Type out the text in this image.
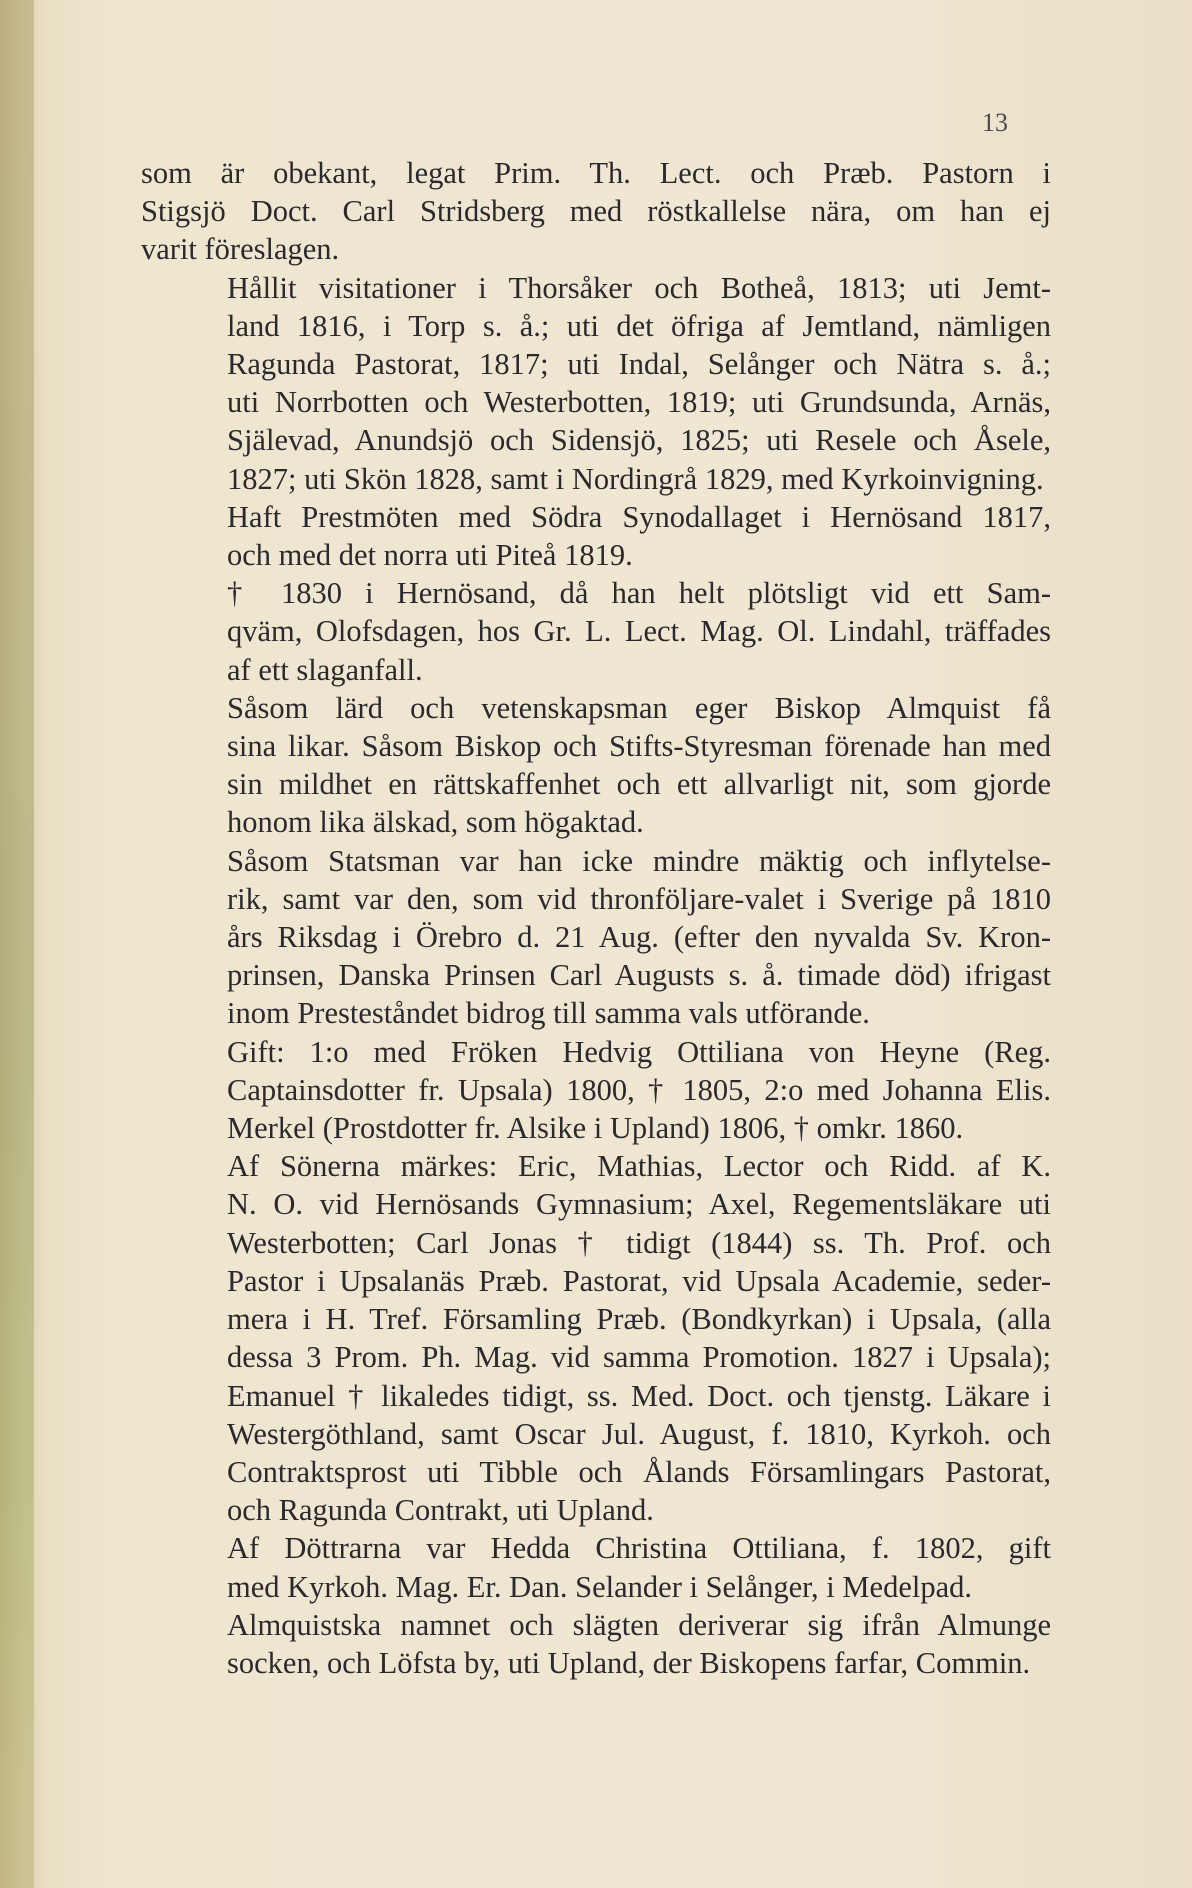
13

som är obekant, legat Prim. Th. Lect. och Præb. Pastorn i
Stigsjö Doct. Carl Stridsberg med röstkallelse nära, om han ej
varit föreslagen.

Hållit visitationer i Thorsåker och Botheå, 1813; uti Jemt-
land 1816, i Torp s. å.; uti det öfriga af Jemtland, nämligen
Ragunda Pastorat, 1817; uti Indal, Selånger och Nätra s. å.;
uti Norrbotten och Westerbotten, 1819; uti Grundsunda, Arnäs,
Själevad, Anundsjö och Sidensjö, 1825; uti Resele och Åsele,
1827; uti Skön 1828, samt i Nordingrå 1829, med Kyrkoinvigning.

Haft Prestmöten med Södra Synodallaget i Hernösand 1817,
och med det norra uti Piteå 1819.

† 1830 i Hernösand, då han helt plötsligt vid ett Sam-
qväm, Olofsdagen, hos Gr. L. Lect. Mag. Ol. Lindahl, träffades
af ett slaganfall.

Såsom lärd och vetenskapsman eger Biskop Almquist få
sina likar. Såsom Biskop och Stifts-Styresman förenade han med
sin mildhet en rättskaffenhet och ett allvarligt nit, som gjorde
honom lika älskad, som högaktad.

Såsom Statsman var han icke mindre mäktig och inflytelse-
rik, samt var den, som vid thronföljare-valet i Sverige på 1810
års Riksdag i Örebro d. 21 Aug. (efter den nyvalda Sv. Kron-
prinsen, Danska Prinsen Carl Augusts s. å. timade död) ifrigast
inom Presteståndet bidrog till samma vals utförande.

Gift: 1:o med Fröken Hedvig Ottiliana von Heyne (Reg.
Captainsdotter fr. Upsala) 1800, † 1805, 2:o med Johanna Elis.
Merkel (Prostdotter fr. Alsike i Upland) 1806, † omkr. 1860.

Af Sönerna märkes: Eric, Mathias, Lector och Ridd. af K.
N. O. vid Hernösands Gymnasium; Axel, Regementsläkare uti
Westerbotten; Carl Jonas † tidigt (1844) ss. Th. Prof. och
Pastor i Upsalanäs Præb. Pastorat, vid Upsala Academie, seder-
mera i H. Tref. Församling Præb. (Bondkyrkan) i Upsala, (alla
dessa 3 Prom. Ph. Mag. vid samma Promotion. 1827 i Upsala);
Emanuel † likaledes tidigt, ss. Med. Doct. och tjenstg. Läkare i
Westergöthland, samt Oscar Jul. August, f. 1810, Kyrkoh. och
Contraktsprost uti Tibble och Ålands Församlingars Pastorat,
och Ragunda Contrakt, uti Upland.

Af Döttrarna var Hedda Christina Ottiliana, f. 1802, gift
med Kyrkoh. Mag. Er. Dan. Selander i Selånger, i Medelpad.

Almquistska namnet och slägten deriverar sig ifrån Almunge
socken, och Löfsta by, uti Upland, der Biskopens farfar, Commin.
